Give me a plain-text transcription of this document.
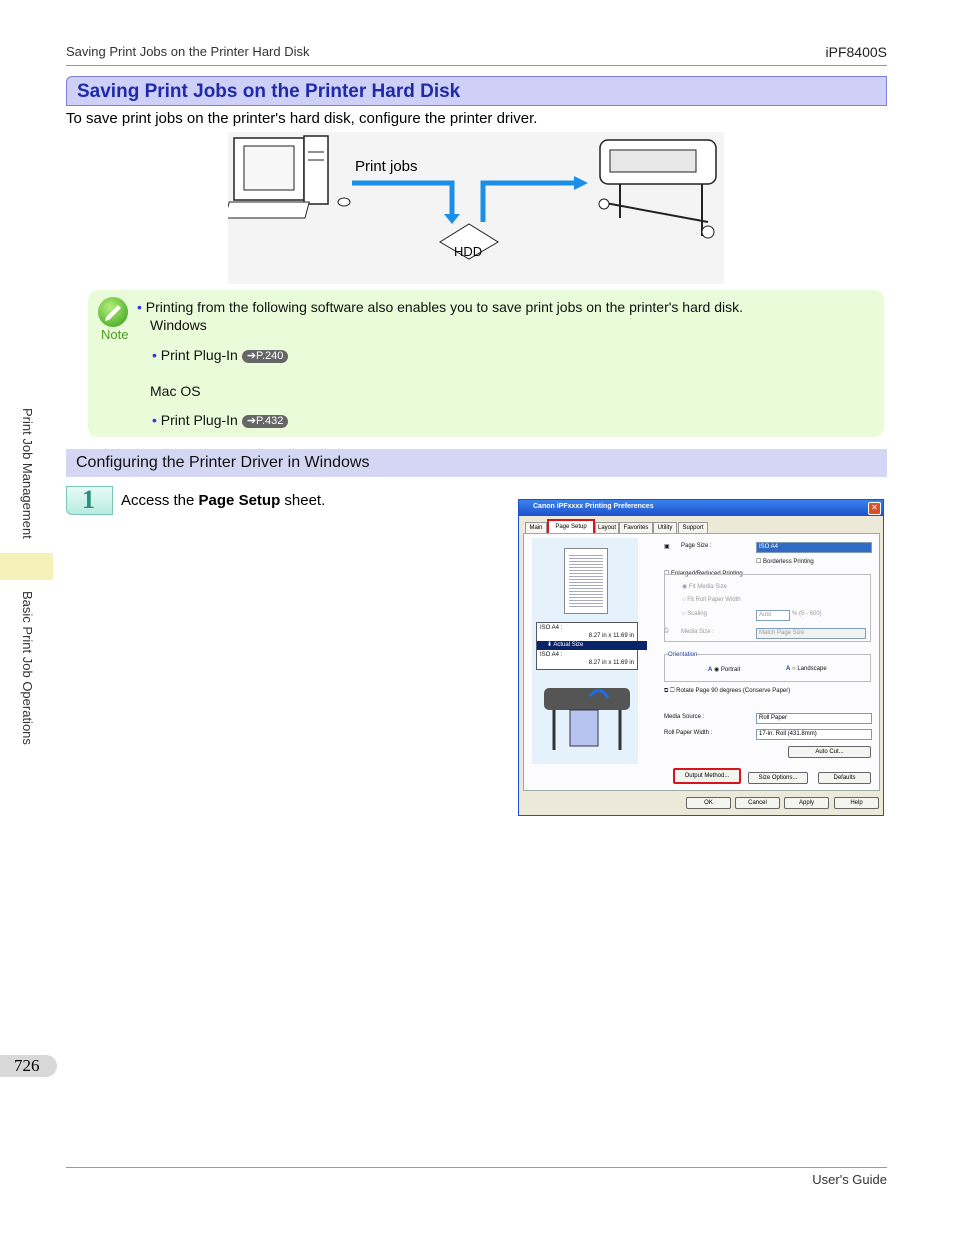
Saving Print Jobs on the Printer Hard Disk	iPF8400S
Saving Print Jobs on the Printer Hard Disk
To save print jobs on the printer's hard disk, configure the printer driver.
HDD
Print jobs
Note
• Printing from the following software also enables you to save print jobs on the printer's hard disk.
Windows
• Print Plug-In ➔P.240
Mac OS
• Print Plug-In ➔P.432
Configuring the Printer Driver in Windows
1 Access the Page Setup sheet.	Canon iPFxxxx Printing Preferences	✕
Main	Page Setup	Layout	Favorites	Utility	Support
ISO A4 :
8.27 in x 11.69 in
⬇ Actual Size
ISO A4 :
8.27 in x 11.69 in
▣ Page Size :	ISO A4
☐ Borderless Printing
☐ Enlarged/Reduced Printing
◉ Fit Media Size
○ Fit Roll Paper Width
○ Scaling	Auto	% (5 - 600)
⎙ Media Size :	Match Page Size
Orientation
A ◉ Portrait	A ○ Landscape
⧉ ☐ Rotate Page 90 degrees (Conserve Paper)
Media Source :	Roll Paper
Roll Paper Width :	17-in. Roll (431.8mm)
Auto Cut...
Output Method...	Size Options...	Defaults
OK	Cancel	Apply	Help
Print Job Management
Basic Print Job Operations
726
User's Guide
